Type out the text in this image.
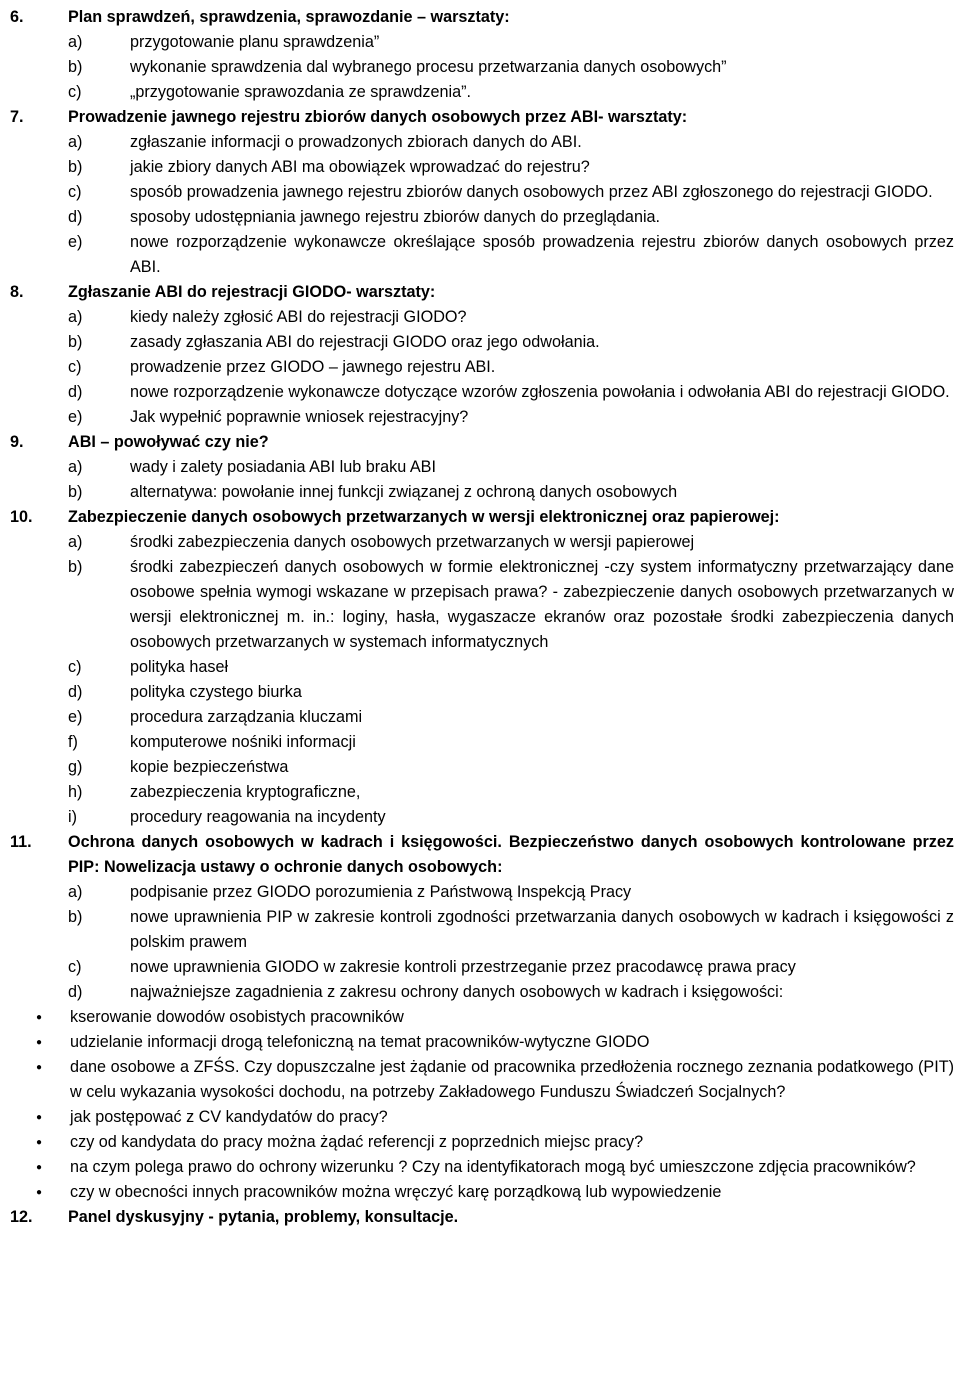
6.	Plan sprawdzeń, sprawdzenia, sprawozdanie – warsztaty:
a)	przygotowanie planu sprawdzenia”
b)	wykonanie sprawdzenia dal wybranego procesu przetwarzania danych osobowych”
c)	„przygotowanie sprawozdania ze sprawdzenia”.
7.	Prowadzenie jawnego rejestru zbiorów danych osobowych przez ABI- warsztaty:
a)	zgłaszanie informacji o prowadzonych zbiorach danych do ABI.
b)	jakie zbiory danych ABI ma obowiązek wprowadzać do rejestru?
c)	sposób prowadzenia jawnego rejestru zbiorów danych osobowych przez ABI zgłoszonego do rejestracji GIODO.
d)	sposoby udostępniania jawnego rejestru zbiorów danych do przeglądania.
e)	nowe rozporządzenie wykonawcze określające sposób prowadzenia rejestru zbiorów danych osobowych przez ABI.
8.	Zgłaszanie ABI do rejestracji GIODO- warsztaty:
a)	kiedy należy zgłosić ABI do rejestracji GIODO?
b)	zasady zgłaszania ABI do rejestracji GIODO oraz jego odwołania.
c)	prowadzenie przez GIODO – jawnego rejestru ABI.
d)	nowe rozporządzenie wykonawcze dotyczące wzorów zgłoszenia powołania i odwołania ABI do rejestracji GIODO.
e)	Jak wypełnić poprawnie wniosek rejestracyjny?
9.	ABI – powoływać czy nie?
a)	wady i zalety posiadania ABI lub braku ABI
b)	alternatywa: powołanie innej funkcji związanej z ochroną danych osobowych
10.	Zabezpieczenie danych osobowych przetwarzanych w wersji elektronicznej oraz papierowej:
a)	środki zabezpieczenia danych osobowych przetwarzanych w wersji papierowej
b)	środki zabezpieczeń danych osobowych w formie elektronicznej -czy system informatyczny przetwarzający dane osobowe spełnia wymogi wskazane w przepisach prawa? - zabezpieczenie danych osobowych przetwarzanych w wersji elektronicznej m. in.: loginy, hasła, wygaszacze ekranów oraz pozostałe środki zabezpieczenia danych osobowych przetwarzanych w systemach informatycznych
c)	polityka haseł
d)	polityka czystego biurka
e)	procedura zarządzania kluczami
f)	komputerowe nośniki informacji
g)	kopie bezpieczeństwa
h)	zabezpieczenia kryptograficzne,
i)	procedury reagowania na incydenty
11.	Ochrona danych osobowych w kadrach i księgowości. Bezpieczeństwo danych osobowych kontrolowane przez PIP: Nowelizacja ustawy o ochronie danych osobowych:
a)	podpisanie przez GIODO porozumienia z Państwową Inspekcją Pracy
b)	nowe uprawnienia PIP w zakresie kontroli zgodności przetwarzania danych osobowych w kadrach i księgowości z polskim prawem
c)	nowe uprawnienia GIODO w zakresie kontroli przestrzeganie przez pracodawcę prawa pracy
d)	najważniejsze zagadnienia z zakresu ochrony danych osobowych w kadrach i księgowości:
●	kserowanie dowodów osobistych pracowników
●	udzielanie informacji drogą telefoniczną na temat pracowników-wytyczne GIODO
●	dane osobowe a ZFŚS. Czy dopuszczalne jest żądanie od pracownika przedłożenia rocznego zeznania podatkowego (PIT) w celu wykazania wysokości dochodu, na potrzeby Zakładowego Funduszu Świadczeń Socjalnych?
●	jak postępować z CV kandydatów do pracy?
●	czy od kandydata do pracy można żądać referencji z poprzednich miejsc pracy?
●	na czym polega prawo do ochrony wizerunku ? Czy na identyfikatorach mogą być umieszczone zdjęcia pracowników?
●	czy w obecności innych pracowników można wręczyć karę porządkową lub wypowiedzenie
12.	Panel dyskusyjny - pytania, problemy, konsultacje.
